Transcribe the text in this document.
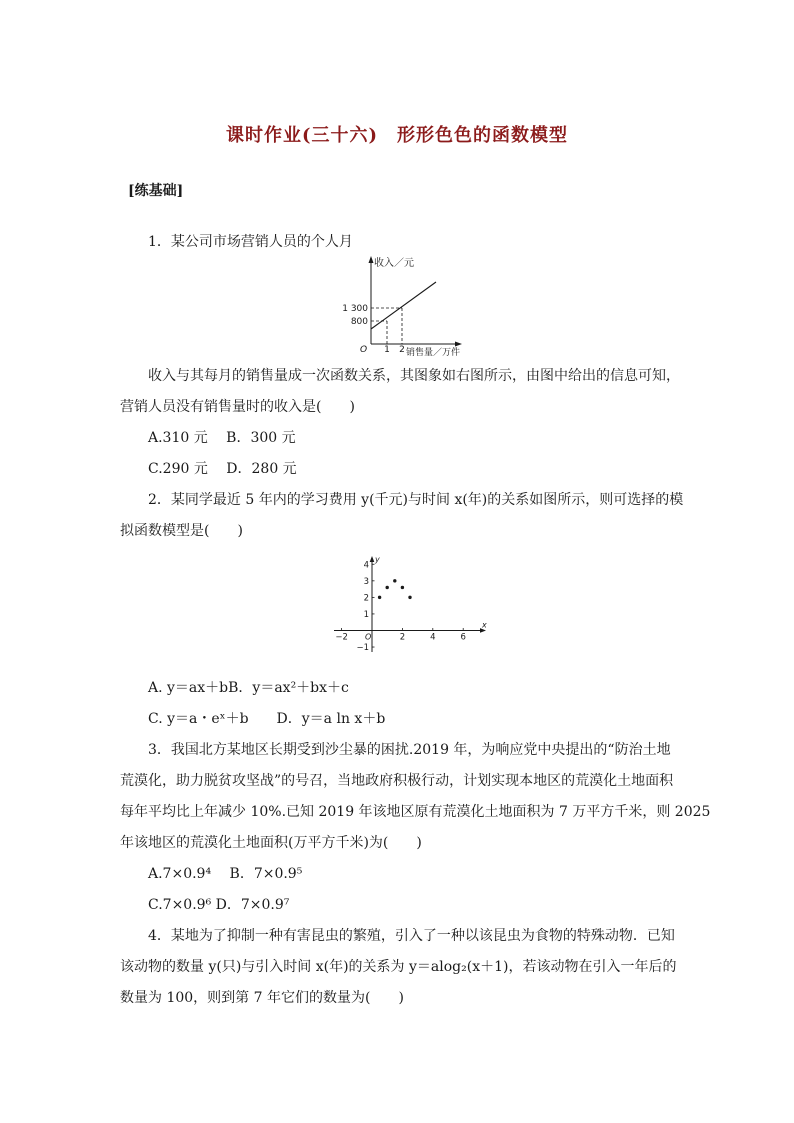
课时作业(三十六)　形形色色的函数模型
[练基础]
1．某公司市场营销人员的个人月
收入／元
销售量／万件
O
1 300
800
1 2
收入与其每月的销售量成一次函数关系，其图象如右图所示，由图中给出的信息可知，
营销人员没有销售量时的收入是(　　)
A.310 元　 B．300 元
C.290 元　 D．280 元
2．某同学最近 5 年内的学习费用 y(千元)与时间 x(年)的关系如图所示，则可选择的模
拟函数模型是(　　)
x
y
O
−2	2	4	6
−1
1
2
3
4
A. y＝ax＋bB．y＝ax²＋bx＋c
C. y＝a・eˣ＋b　　D．y＝a ln x＋b
3．我国北方某地区长期受到沙尘暴的困扰.2019 年，为响应党中央提出的“防治土地
荒漠化，助力脱贫攻坚战”的号召，当地政府积极行动，计划实现本地区的荒漠化土地面积
每年平均比上年减少 10%.已知 2019 年该地区原有荒漠化土地面积为 7 万平方千米，则 2025
年该地区的荒漠化土地面积(万平方千米)为(　　)
A.7×0.9⁴　 B．7×0.9⁵
C.7×0.9⁶ D．7×0.9⁷
4．某地为了抑制一种有害昆虫的繁殖，引入了一种以该昆虫为食物的特殊动物．已知
该动物的数量 y(只)与引入时间 x(年)的关系为 y＝alog₂(x＋1)，若该动物在引入一年后的
数量为 100，则到第 7 年它们的数量为(　　)
